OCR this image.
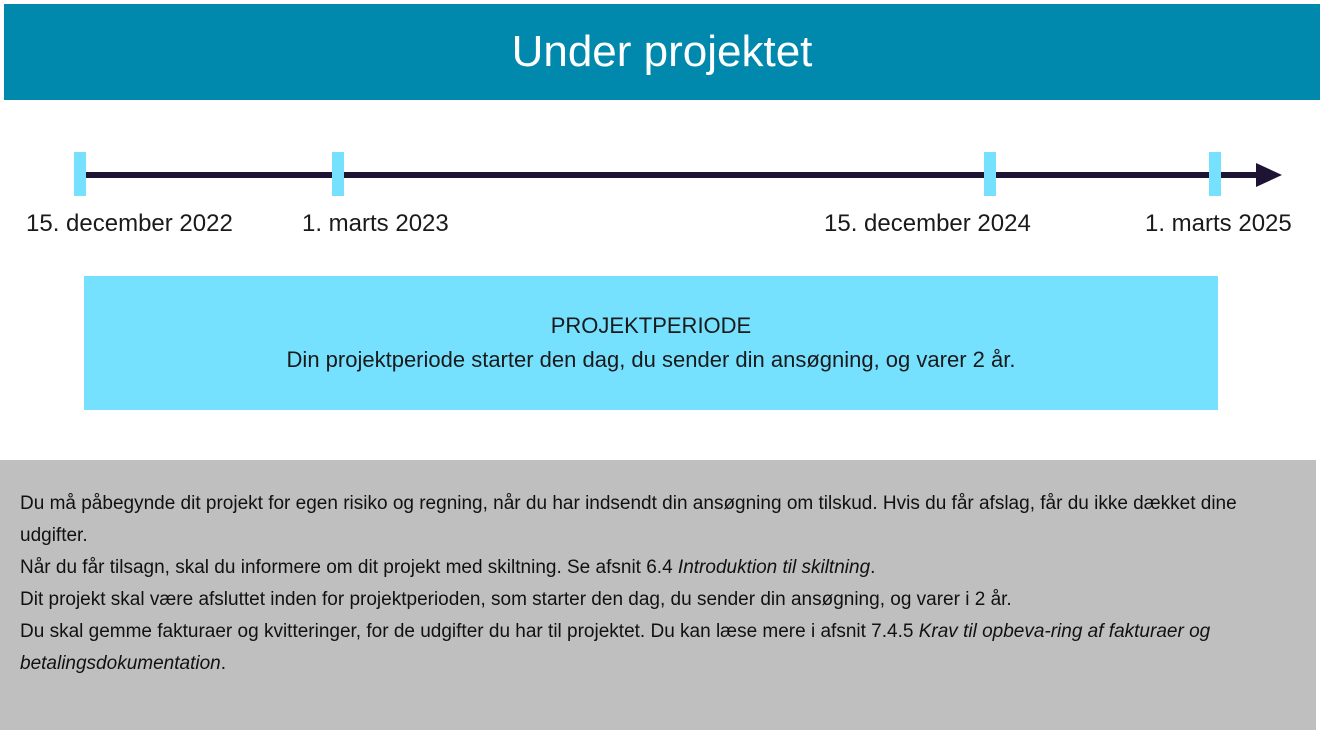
Under projektet
15. december 2022	1. marts 2023	15. december 2024	1. marts 2025
PROJEKTPERIODE
Din projektperiode starter den dag, du sender din ansøgning, og varer 2 år.

Du må påbegynde dit projekt for egen risiko og regning, når du har indsendt din ansøgning om tilskud. Hvis du får afslag, får du ikke dækket dine udgifter.

Når du får tilsagn, skal du informere om dit projekt med skiltning. Se afsnit 6.4 Introduktion til skiltning.

Dit projekt skal være afsluttet inden for projektperioden, som starter den dag, du sender din ansøgning, og varer i 2 år.

Du skal gemme fakturaer og kvitteringer, for de udgifter du har til projektet. Du kan læse mere i afsnit 7.4.5 Krav til opbeva-ring af fakturaer og betalingsdokumentation.
